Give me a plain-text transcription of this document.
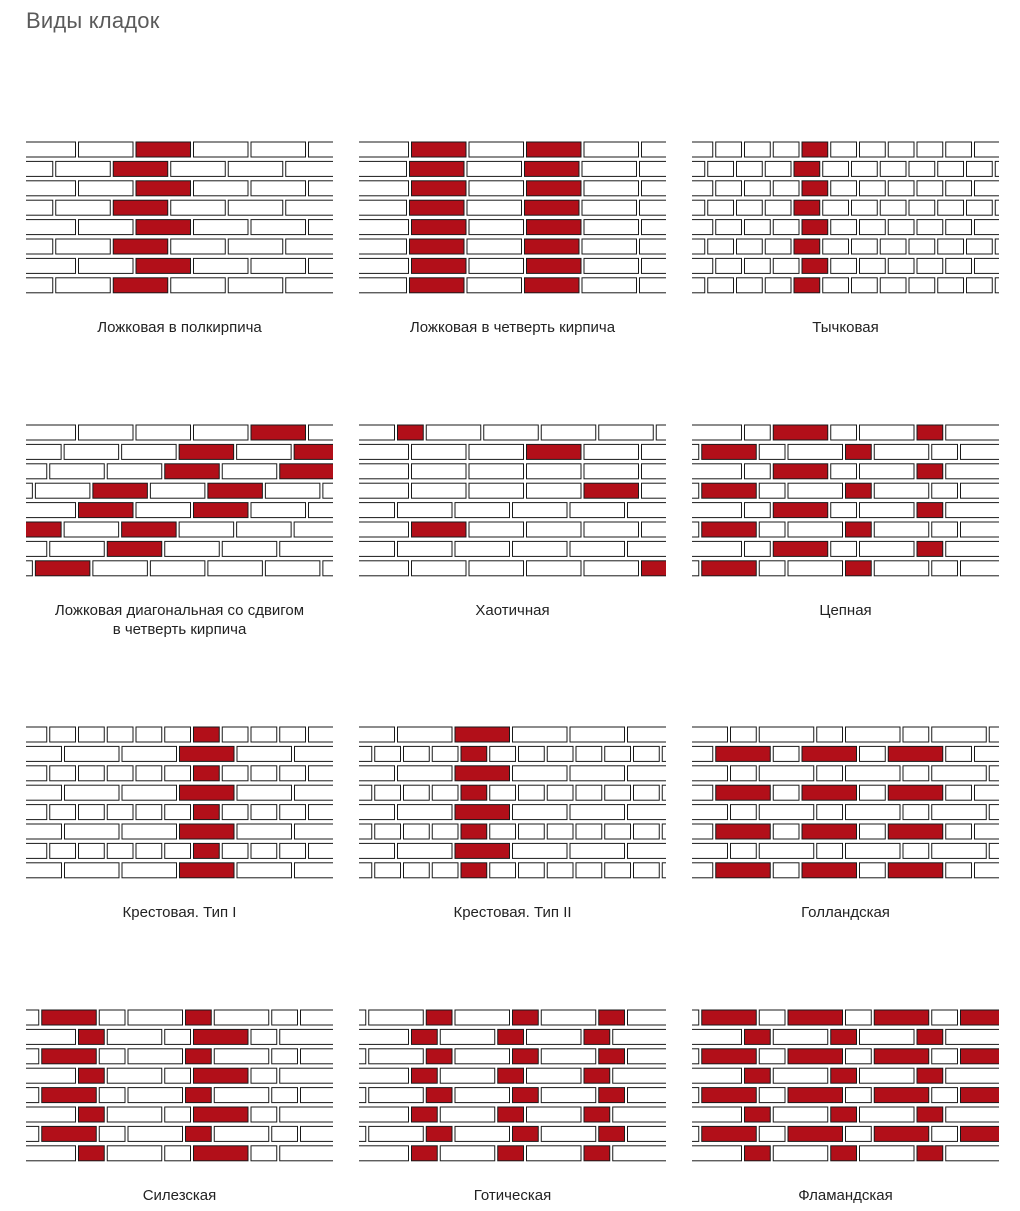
Виды кладок

Ложковая в полкирпича	Ложковая в четверть кирпича	Тычковая

Ложковая диагональная со сдвигом
в четверть кирпича

Хаотичная	Цепная

Крестовая. Тип I	Крестовая. Тип II	Голландская

Силезская	Готическая	Фламандская
